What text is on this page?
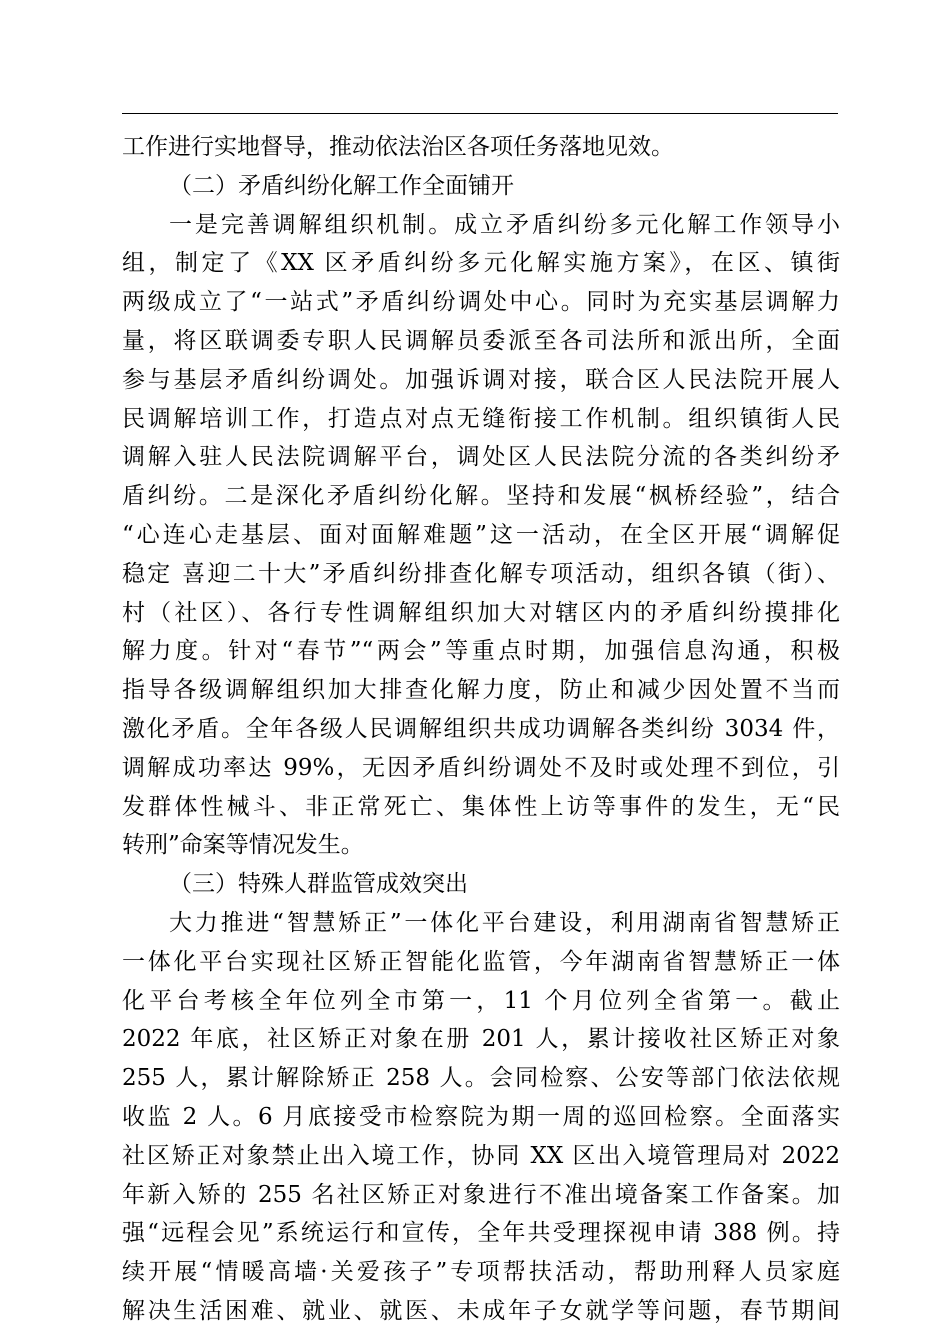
工作进行实地督导，推动依法治区各项任务落地见效。
（二）矛盾纠纷化解工作全面铺开
一是完善调解组织机制。成立矛盾纠纷多元化解工作领导小
组，制定了《XX 区矛盾纠纷多元化解实施方案》，在区、镇街
两级成立了“一站式”矛盾纠纷调处中心。同时为充实基层调解力
量，将区联调委专职人民调解员委派至各司法所和派出所，全面
参与基层矛盾纠纷调处。加强诉调对接，联合区人民法院开展人
民调解培训工作，打造点对点无缝衔接工作机制。组织镇街人民
调解入驻人民法院调解平台，调处区人民法院分流的各类纠纷矛
盾纠纷。二是深化矛盾纠纷化解。坚持和发展“枫桥经验”，结合
“心连心走基层、面对面解难题”这一活动，在全区开展“调解促
稳定 喜迎二十大”矛盾纠纷排查化解专项活动，组织各镇（街）、
村（社区）、各行专性调解组织加大对辖区内的矛盾纠纷摸排化
解力度。针对“春节”“两会”等重点时期，加强信息沟通，积极
指导各级调解组织加大排查化解力度，防止和减少因处置不当而
激化矛盾。全年各级人民调解组织共成功调解各类纠纷 3034 件，
调解成功率达 99%，无因矛盾纠纷调处不及时或处理不到位，引
发群体性械斗、非正常死亡、集体性上访等事件的发生，无“民
转刑”命案等情况发生。
（三）特殊人群监管成效突出
大力推进“智慧矫正”一体化平台建设，利用湖南省智慧矫正
一体化平台实现社区矫正智能化监管，今年湖南省智慧矫正一体
化平台考核全年位列全市第一，11 个月位列全省第一。截止
2022 年底，社区矫正对象在册 201 人，累计接收社区矫正对象
255 人，累计解除矫正 258 人。会同检察、公安等部门依法依规
收监 2 人。6 月底接受市检察院为期一周的巡回检察。全面落实
社区矫正对象禁止出入境工作，协同 XX 区出入境管理局对 2022
年新入矫的 255 名社区矫正对象进行不准出境备案工作备案。加
强“远程会见”系统运行和宣传，全年共受理探视申请 388 例。持
续开展“情暖高墙·关爱孩子”专项帮扶活动，帮助刑释人员家庭
解决生活困难、就业、就医、未成年子女就学等问题，春节期间
